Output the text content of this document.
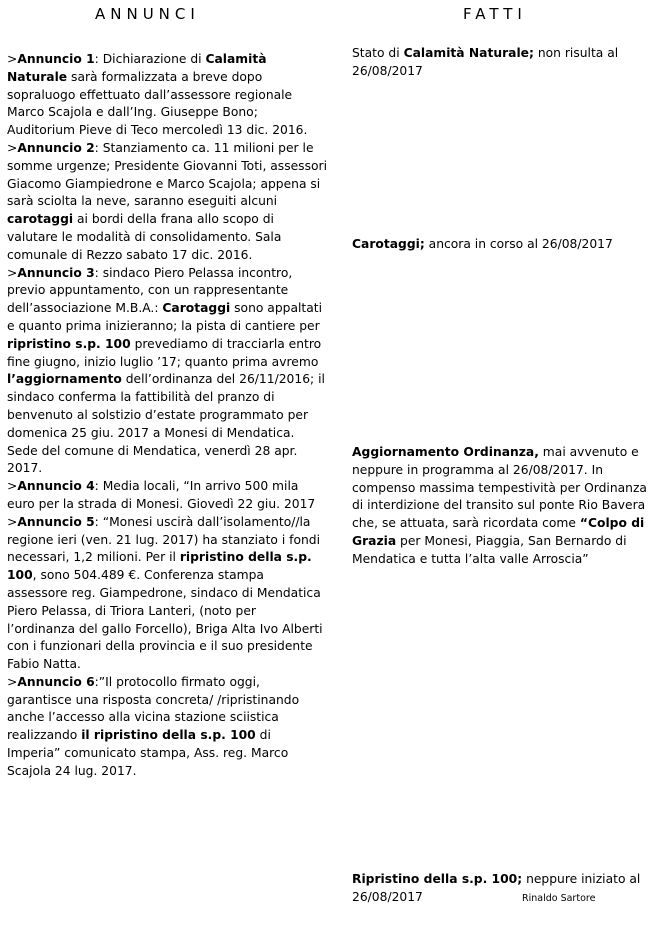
ANNUNCI	FATTI

>Annuncio 1: Dichiarazione di Calamità Naturale sarà formalizzata a breve dopo sopraluogo effettuato dall’assessore regionale Marco Scajola e dall’Ing. Giuseppe Bono; Auditorium Pieve di Teco mercoledì 13 dic. 2016.

>Annuncio 2: Stanziamento ca. 11 milioni per le somme urgenze; Presidente Giovanni Toti, assessori Giacomo Giampiedrone e Marco Scajola; appena si sarà sciolta la neve, saranno eseguiti alcuni carotaggi ai bordi della frana allo scopo di valutare le modalità di consolidamento. Sala comunale di Rezzo sabato 17 dic. 2016.

>Annuncio 3: sindaco Piero Pelassa incontro, previo appuntamento, con un rappresentante dell’associazione M.B.A.: Carotaggi sono appaltati e quanto prima inizieranno; la pista di cantiere per ripristino s.p. 100 prevediamo di tracciarla entro fine giugno, inizio luglio ’17; quanto prima avremo l’aggiornamento dell’ordinanza del 26/11/2016; il sindaco conferma la fattibilità del pranzo di benvenuto al solstizio d’estate programmato per domenica 25 giu. 2017 a Monesi di Mendatica. Sede del comune di Mendatica, venerdì 28 apr. 2017.

>Annuncio 4: Media locali, “In arrivo 500 mila euro per la strada di Monesi. Giovedì 22 giu. 2017

>Annuncio 5: “Monesi uscirà dall’isolamento//la regione ieri (ven. 21 lug. 2017) ha stanziato i fondi necessari, 1,2 milioni. Per il ripristino della s.p. 100, sono 504.489 €. Conferenza stampa assessore reg. Giampedrone, sindaco di Mendatica Piero Pelassa, di Triora Lanteri, (noto per l’ordinanza del gallo Forcello), Briga Alta Ivo Alberti con i funzionari della provincia e il suo presidente Fabio Natta.

>Annuncio 6:”Il protocollo firmato oggi, garantisce una risposta concreta/ /ripristinando anche l’accesso alla vicina stazione sciistica realizzando il ripristino della s.p. 100 di Imperia” comunicato stampa, Ass. reg. Marco Scajola 24 lug. 2017.

Stato di Calamità Naturale; non risulta al 26/08/2017

Carotaggi; ancora in corso al 26/08/2017

Aggiornamento Ordinanza, mai avvenuto e neppure in programma al 26/08/2017. In compenso massima tempestività per Ordinanza di interdizione del transito sul ponte Rio Bavera che, se attuata, sarà ricordata come “Colpo di Grazia per Monesi, Piaggia, San Bernardo di Mendatica e tutta l’alta valle Arroscia”

Ripristino della s.p. 100; neppure iniziato al 26/08/2017	Rinaldo Sartore
